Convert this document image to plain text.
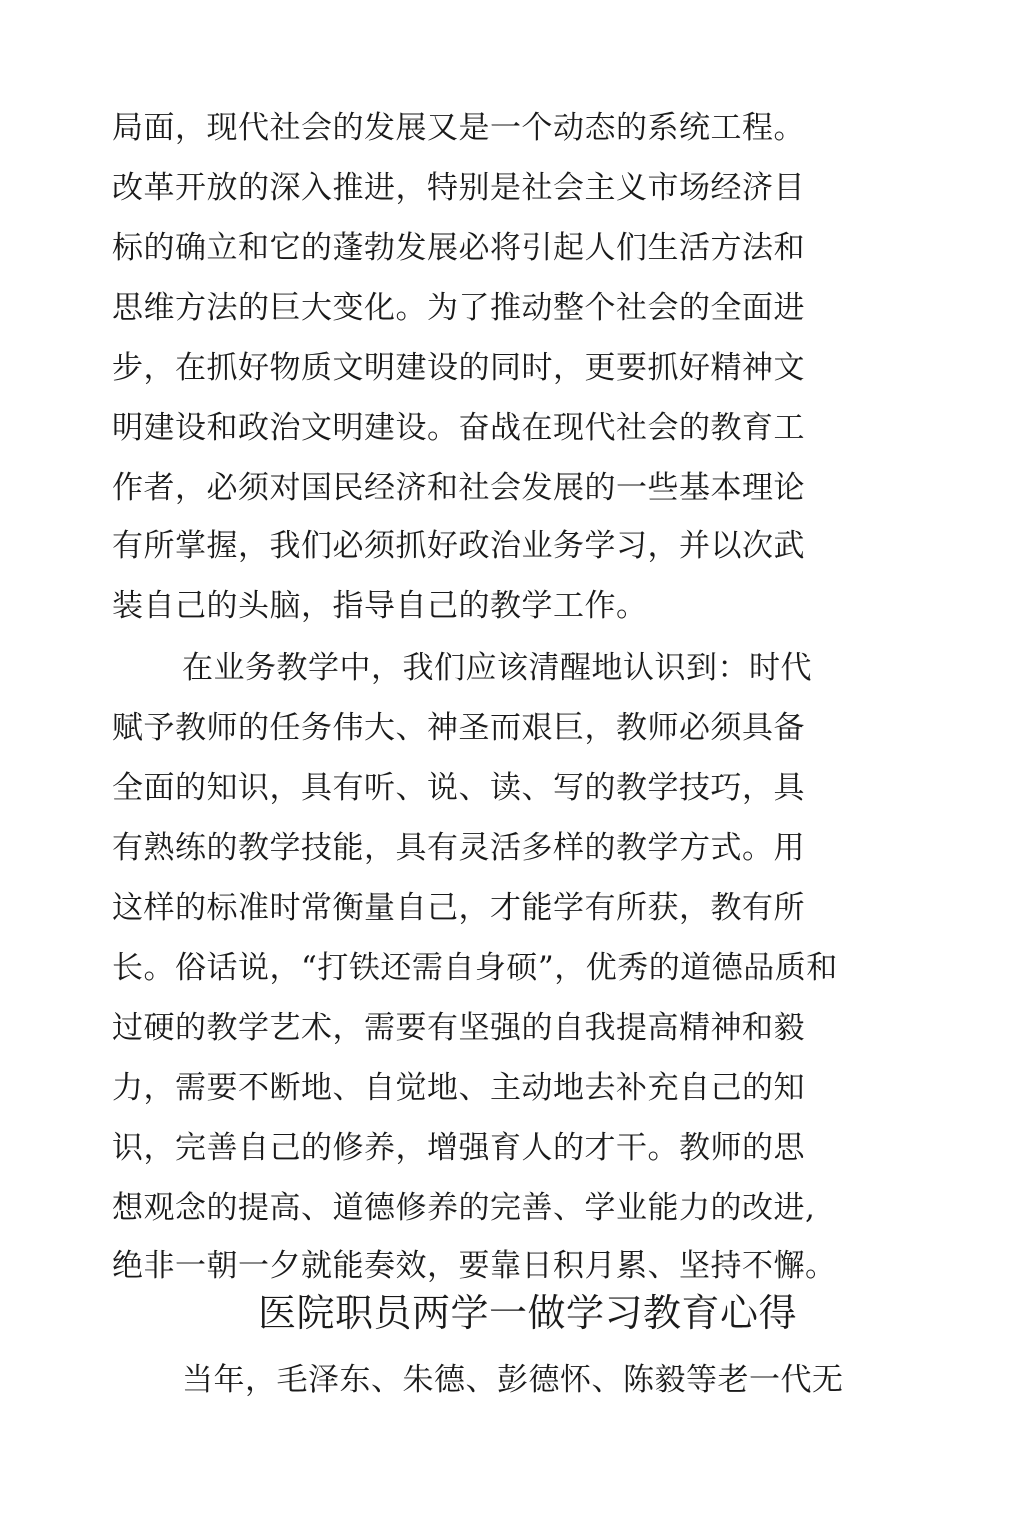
局面，现代社会的发展又是一个动态的系统工程。
改革开放的深入推进，特别是社会主义市场经济目
标的确立和它的蓬勃发展必将引起人们生活方法和
思维方法的巨大变化。为了推动整个社会的全面进
步，在抓好物质文明建设的同时，更要抓好精神文
明建设和政治文明建设。奋战在现代社会的教育工
作者，必须对国民经济和社会发展的一些基本理论
有所掌握，我们必须抓好政治业务学习，并以次武
装自己的头脑，指导自己的教学工作。
在业务教学中，我们应该清醒地认识到：时代
赋予教师的任务伟大、神圣而艰巨，教师必须具备
全面的知识，具有听、说、读、写的教学技巧，具
有熟练的教学技能，具有灵活多样的教学方式。用
这样的标准时常衡量自己，才能学有所获，教有所
长。俗话说，“打铁还需自身硕”，优秀的道德品质和
过硬的教学艺术，需要有坚强的自我提高精神和毅
力，需要不断地、自觉地、主动地去补充自己的知
识，完善自己的修养，增强育人的才干。教师的思
想观念的提高、道德修养的完善、学业能力的改进,
绝非一朝一夕就能奏效，要靠日积月累、坚持不懈。
医院职员两学一做学习教育心得
当年，毛泽东、朱德、彭德怀、陈毅等老一代无
